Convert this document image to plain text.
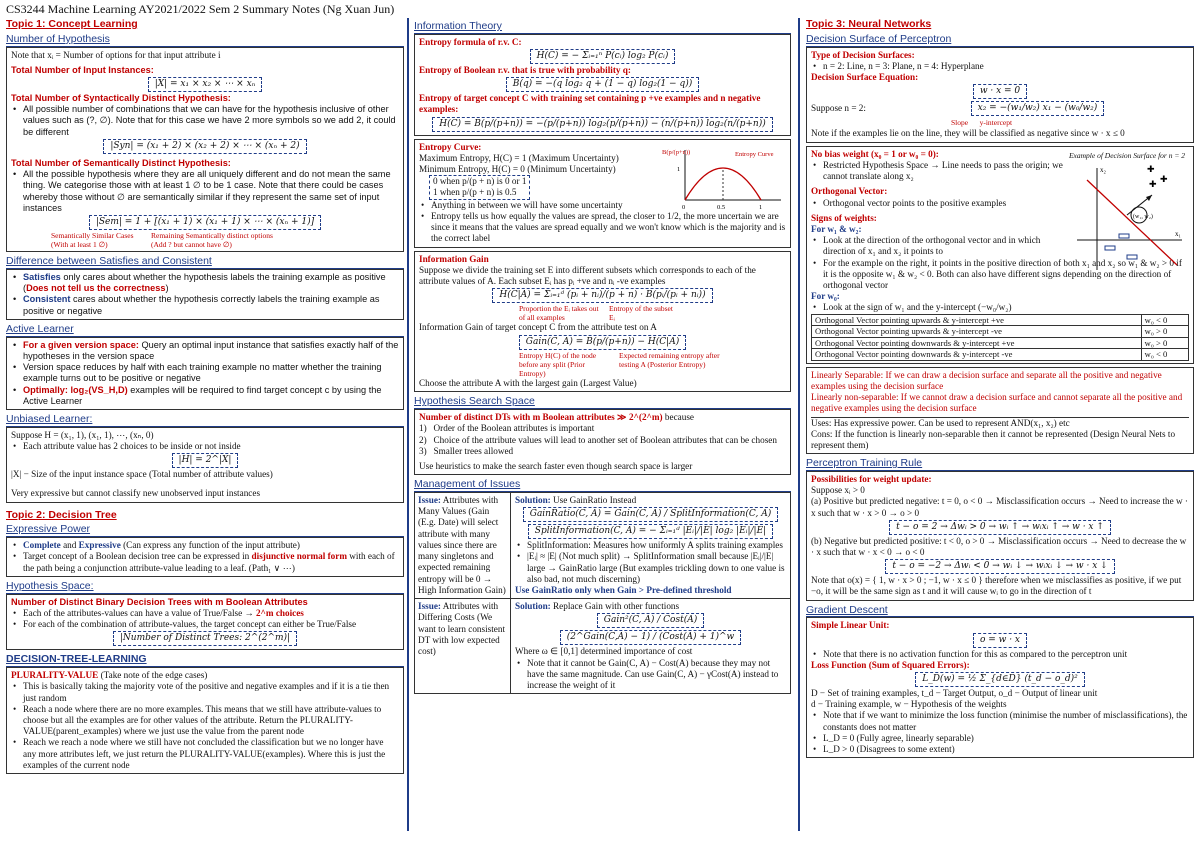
CS3244 Machine Learning AY2021/2022 Sem 2 Summary Notes (Ng Xuan Jun)
Topic 1: Concept Learning
Number of Hypothesis
Note that xᵢ = Number of options for that input attribute i
Total Number of Input Instances:
|X| = x₁ × x₂ × ⋯ × xₙ
Total Number of Syntactically Distinct Hypothesis:
• All possible number of combinations that we can have for the hypothesis inclusive of other values such as (?, ∅). Note that for this case we have 2 more symbols so we add 2, it could be different
|Syn| = (x₁ + 2) × (x₂ + 2) × ⋯ × (xₙ + 2)
Total Number of Semantically Distinct Hypothesis:
• All the possible hypothesis where they are all uniquely different and do not mean the same thing. We categorise those with at least 1 ∅ to be 1 case. Note that there could be cases whereby those without ∅ are semantically similar if they represent the same set of input instances
|Sem| = 1 + [(x₁ + 1) × (x₁ + 1) × ⋯ × (xₙ + 1)]
Semantically Similar Cases (With at least 1 ∅)
Remaining Semantically distinct options (Add ? but cannot have ∅)
Difference between Satisfies and Consistent
• Satisfies only cares about whether the hypothesis labels the training example as positive (Does not tell us the correctness)
• Consistent cares about whether the hypothesis correctly labels the training example as positive or negative
Active Learner
• For a given version space: Query an optimal input instance that satisfies exactly half of the hypotheses in the version space
• Version space reduces by half with each training example no matter whether the training example turns out to be positive or negative
• Optimally: log₂(VS_H,D) examples will be required to find target concept c by using the Active Learner
Unbiased Learner:
Suppose H = (x₁, 1), (x₁, 1), ⋯, (xₙ, 0)
• Each attribute value has 2 choices to be inside or not inside
|H| = 2^|X|
|X| − Size of the input instance space (Total number of attribute values)
Very expressive but cannot classify new unobserved input instances
Topic 2: Decision Tree
Expressive Power
• Complete and Expressive (Can express any function of the input attribute)
• Target concept of a Boolean decision tree can be expressed in disjunctive normal form with each of the path being a conjunction attribute-value leading to a leaf. (Path₁ ∨ ⋯)
Hypothesis Space:
Number of Distinct Binary Decision Trees with m Boolean Attributes
• Each of the attributes-values can have a value of True/False → 2^m choices
• For each of the combination of attribute-values, the target concept can either be True/False
|Number of Distinct Trees: 2^(2^m)|
DECISION-TREE-LEARNING
PLURALITY-VALUE (Take note of the edge cases)
• This is basically taking the majority vote of the positive and negative examples and if it is a tie then just random
• Reach a node where there are no more examples. This means that we still have attribute-values to choose but all the examples are for other values of the attribute. Return the PLURALITY-VALUE(parent_examples) where we just use the value from the parent node
• Reach we reach a node where we still have not concluded the classification but we no longer have any more attributes left, we just return the PLURALITY-VALUE(examples). Where this is just the examples of the current node
Information Theory
Entropy formula of r.v. C:
H(C) = − Σᵢ₌₁ⁿ P(cᵢ) log₂ P(cᵢ)
Entropy of Boolean r.v. that is true with probability q:
B(q) = −(q log₂ q + (1 − q) log₂(1 − q))
Entropy of target concept C with training set containing p +ve examples and n negative examples:
H(C) = B(p/(p+n)) = −(p/(p+n)) log₂(p/(p+n)) − (n/(p+n)) log₂(n/(p+n))
Entropy Curve:
Maximum Entropy, H(C) = 1 (Maximum Uncertainty)
Minimum Entropy, H(C) = 0 (Minimum Uncertainty)
0 when p/(p + n) is 0 or 1
1 when p/(p + n) is 0.5
B(p/(p+n))	Entropy Curve
0	0.5	1
1
• Anything in between we will have some uncertainty
• Entropy tells us how equally the values are spread, the closer to 1/2, the more uncertain we are since it means that the values are spread equally and we won't know which is the majority and is the correct label
Information Gain
Suppose we divide the training set E into different subsets which corresponds to each of the attribute values of A. Each subset Eᵢ has pᵢ +ve and nᵢ -ve examples
H(C|A) = Σᵢ₌₁ᵈ (pᵢ + nᵢ)/(p + n) · B(pᵢ/(pᵢ + nᵢ))
Proportion the Eᵢ takes out of all examples
Entropy of the subset Eᵢ
Information Gain of target concept C from the attribute test on A
Gain(C, A) = B(p/(p+n)) − H(C|A)
Entropy H(C) of the node before any split (Prior Entropy)
Expected remaining entropy after testing A (Posterior Entropy)
Choose the attribute A with the largest gain (Largest Value)
Hypothesis Search Space
Number of distinct DTs with m Boolean attributes ≫ 2^(2^m) because
1)   Order of the Boolean attributes is important
2)   Choice of the attribute values will lead to another set of Boolean attributes that can be chosen
3)   Smaller trees allowed
Use heuristics to make the search faster even though search space is larger
Management of Issues
Issue: Attributes with Many Values (Gain (E.g. Date) will select attribute with many values since there are many singletons and expected remaining entropy will be 0 → High Information Gain)
Solution: Use GainRatio Instead
GainRatio(C, A) = Gain(C, A) / SplitInformation(C, A)
SplitInformation(C, A) = − Σᵢ₌₁ᵈ |Eᵢ|/|E| log₂ |Eᵢ|/|E|
• SplitInformation: Measures how uniformly A splits training examples
• |Eᵢ| ≈ |E| (Not much split) → SplitInformation small because |Eᵢ|/|E| large → GainRatio large (But examples trickling down to one value is also bad, not much discerning)
Use GainRatio only when Gain > Pre-defined threshold
Issue: Attributes with Differing Costs (We want to learn consistent DT with low expected cost)
Solution: Replace Gain with other functions
Gain²(C, A) / Cost(A)
(2^Gain(C,A) − 1) / (Cost(A) + 1)^w
Where ω ∈ [0,1] determined importance of cost
• Note that it cannot be Gain(C, A) − Cost(A) because they may not have the same magnitude. Can use Gain(C, A) − γCost(A) instead to increase the weight of it
Topic 3: Neural Networks
Decision Surface of Perceptron
Type of Decision Surfaces:
• n = 2: Line, n = 3: Plane, n = 4: Hyperplane
Decision Surface Equation:
w · x = 0
Suppose n = 2:	x₂ = −(w₁/w₂) x₁ − (w₀/w₂)
Slope y-intercept
Note if the examples lie on the line, they will be classified as negative since w · x ≤ 0
No bias weight (x₀ = 1 or w₀ = 0):
• Restricted Hypothesis Space → Line needs to pass the origin; we cannot translate along x₂
Orthogonal Vector:
• Orthogonal vector points to the positive examples
Signs of weights:
For w₁ & w₂:
• Look at the direction of the orthogonal vector and in which direction of x₁ and x₂ it points to
• For the example on the right, it points in the positive direction of both x₁ and x₂ so w₁ & w₂ > 0 if it is the opposite w₁ & w₂ < 0. Both can also have different signs depending on the direction of orthogonal vector
For w₀:
• Look at the sign of w₁ and the y-intercept (−w₀/w₂)
Orthogonal Vector pointing upwards & y-intercept +ve	w₀ < 0
Orthogonal Vector pointing upwards & y-intercept -ve	w₀ > 0
Orthogonal Vector pointing downwards & y-intercept +ve	w₀ > 0
Orthogonal Vector pointing downwards & y-intercept -ve	w₀ < 0
Example of Decision Surface for n = 2
✚
✚
✚
(w₁, w₂)
x₁
x₂
Linearly Separable: If we can draw a decision surface and separate all the positive and negative examples using the decision surface
Linearly non-separable: If we cannot draw a decision surface and cannot separate all the positive and negative examples using the decision surface
Uses: Has expressive power. Can be used to represent AND(x₁, x₂) etc
Cons: If the function is linearly non-separable then it cannot be represented (Design Neural Nets to represent them)
Perceptron Training Rule
Possibilities for weight update:
Suppose xᵢ > 0
(a) Positive but predicted negative: t = 0, o < 0 → Misclassification occurs → Need to increase the w · x such that w · x > 0 → o > 0
t − o = 2 → Δwᵢ > 0 → wᵢ ↑ → wᵢxᵢ ↑ → w · x ↑
(b) Negative but predicted positive: t < 0, o > 0 → Misclassification occurs → Need to decrease the w · x such that w · x < 0 → o < 0
t − o = −2 → Δwᵢ < 0 → wᵢ ↓ → wᵢxᵢ ↓ → w · x ↓
Note that o(x) = { 1, w · x > 0 ; −1, w · x ≤ 0 } therefore when we misclassifies as positive, if we put −o, it will be the same sign as t and it will cause wᵢ to go in the direction of t
Gradient Descent
Simple Linear Unit:
o = w · x
• Note that there is no activation function for this as compared to the perceptron unit
Loss Function (Sum of Squared Errors):
L_D(w) = ½ Σ_{d∈D} (t_d − o_d)²
D − Set of training examples, t_d − Target Output, o_d − Output of linear unit
d − Training example, w − Hypothesis of the weights
• Note that if we want to minimize the loss function (minimise the number of misclassifications), the constants does not matter
• L_D = 0 (Fully agree, linearly separable)
• L_D > 0 (Disagrees to some extent)
